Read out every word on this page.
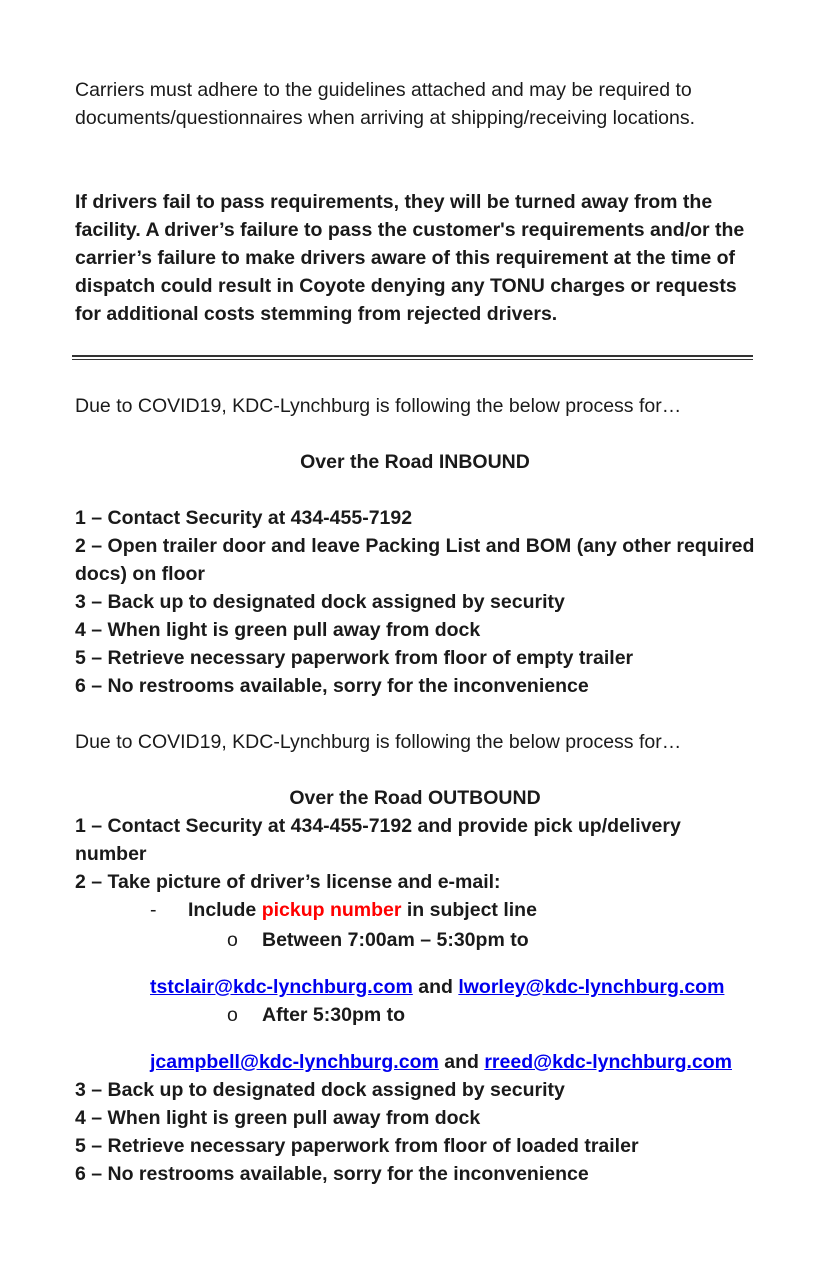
Carriers must adhere to the guidelines attached and may be required to documents/questionnaires when arriving at shipping/receiving locations.

If drivers fail to pass requirements, they will be turned away from the facility. A driver’s failure to pass the customer's requirements and/or the carrier’s failure to make drivers aware of this requirement at the time of dispatch could result in Coyote denying any TONU charges or requests for additional costs stemming from rejected drivers.

Due to COVID19, KDC-Lynchburg is following the below process for…

Over the Road INBOUND

1 – Contact Security at 434-455-7192
2 – Open trailer door and leave Packing List and BOM (any other required docs) on floor
3 – Back up to designated dock assigned by security
4 – When light is green pull away from dock
5 – Retrieve necessary paperwork from floor of empty trailer
6 – No restrooms available, sorry for the inconvenience

Due to COVID19, KDC-Lynchburg is following the below process for…

Over the Road OUTBOUND

1 – Contact Security at 434-455-7192 and provide pick up/delivery number
2 – Take picture of driver’s license and e-mail:
- Include pickup number in subject line
o Between 7:00am – 5:30pm to
tstclair@kdc-lynchburg.com and lworley@kdc-lynchburg.com
o After 5:30pm to
jcampbell@kdc-lynchburg.com and rreed@kdc-lynchburg.com
3 – Back up to designated dock assigned by security
4 – When light is green pull away from dock
5 – Retrieve necessary paperwork from floor of loaded trailer
6 – No restrooms available, sorry for the inconvenience
